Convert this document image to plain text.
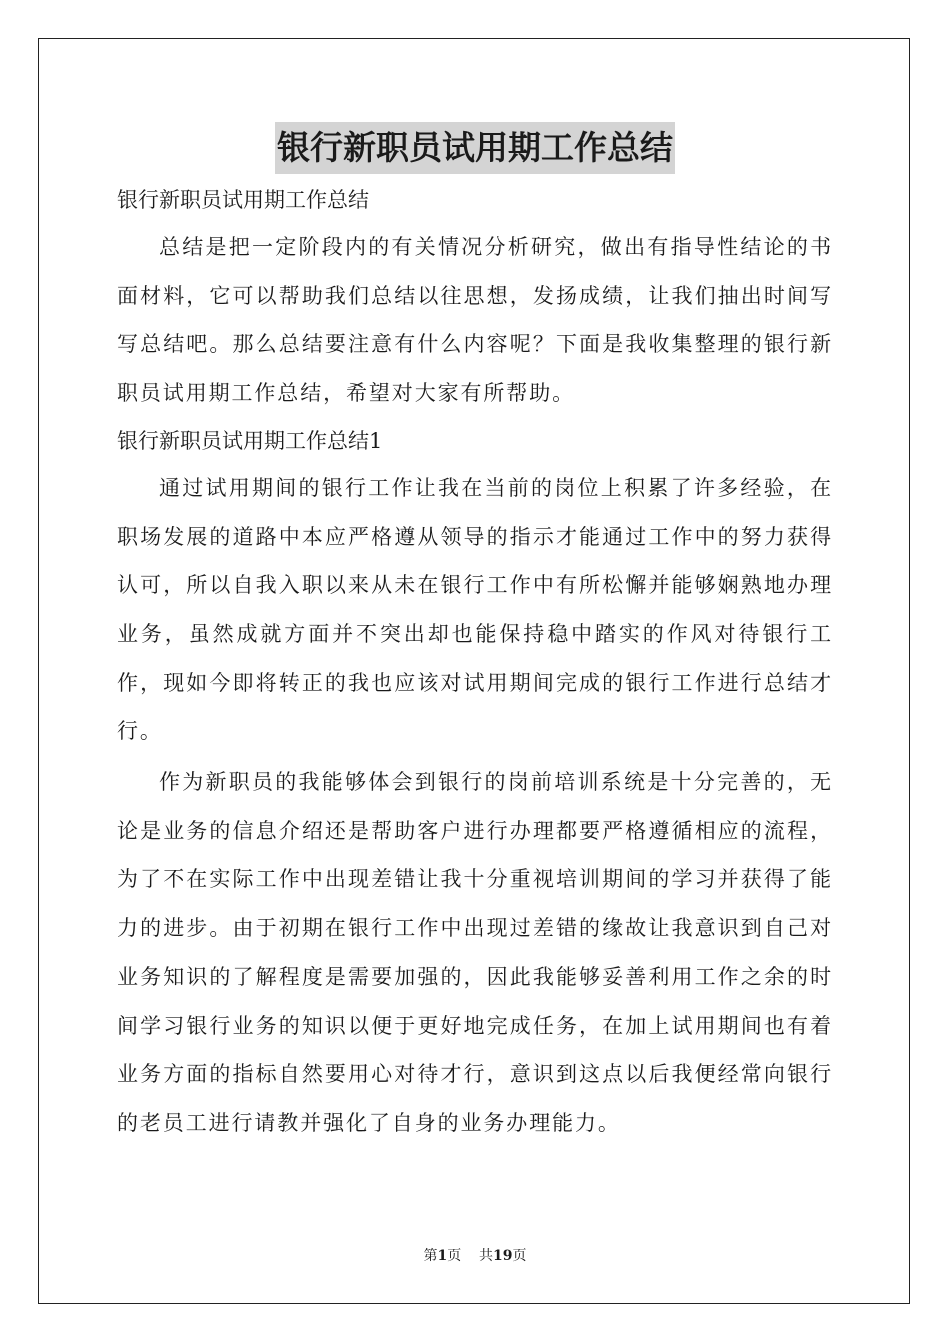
银行新职员试用期工作总结

银行新职员试用期工作总结

总结是把一定阶段内的有关情况分析研究，做出有指导性结论的书面材料，它可以帮助我们总结以往思想，发扬成绩，让我们抽出时间写写总结吧。那么总结要注意有什么内容呢？下面是我收集整理的银行新职员试用期工作总结，希望对大家有所帮助。

银行新职员试用期工作总结1

通过试用期间的银行工作让我在当前的岗位上积累了许多经验，在职场发展的道路中本应严格遵从领导的指示才能通过工作中的努力获得认可，所以自我入职以来从未在银行工作中有所松懈并能够娴熟地办理业务，虽然成就方面并不突出却也能保持稳中踏实的作风对待银行工作，现如今即将转正的我也应该对试用期间完成的银行工作进行总结才行。

作为新职员的我能够体会到银行的岗前培训系统是十分完善的，无论是业务的信息介绍还是帮助客户进行办理都要严格遵循相应的流程，为了不在实际工作中出现差错让我十分重视培训期间的学习并获得了能力的进步。由于初期在银行工作中出现过差错的缘故让我意识到自己对业务知识的了解程度是需要加强的，因此我能够妥善利用工作之余的时间学习银行业务的知识以便于更好地完成任务，在加上试用期间也有着业务方面的指标自然要用心对待才行，意识到这点以后我便经常向银行的老员工进行请教并强化了自身的业务办理能力。

第1页 共19页
